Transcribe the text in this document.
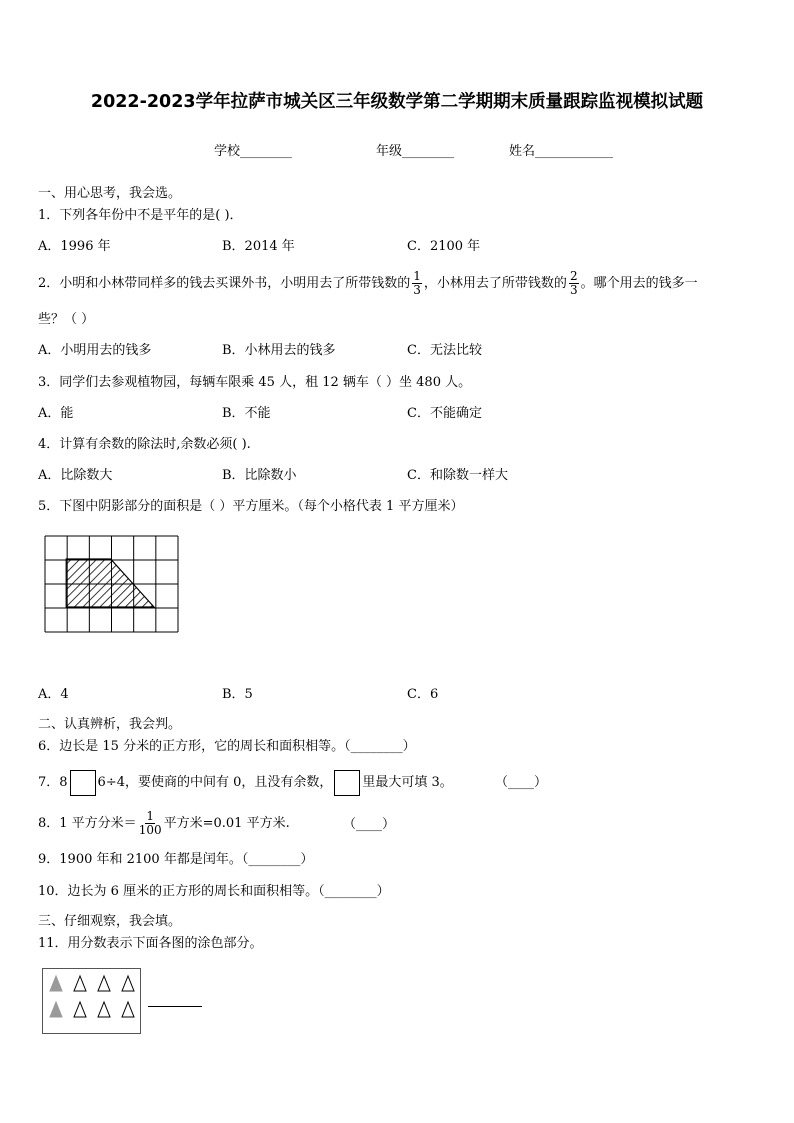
2022-2023学年拉萨市城关区三年级数学第二学期期末质量跟踪监视模拟试题
学校________	年级________	姓名____________
一、用心思考，我会选。
1．下列各年份中不是平年的是( )．
A．1996 年	B．2014 年	C．2100 年
2．小明和小林带同样多的钱去买课外书，小明用去了所带钱数的 $\frac{1}{3}$ ，小林用去了所带钱数的 $\frac{2}{3}$ 。哪个用去的钱多一
些？（ ）
A．小明用去的钱多	B．小林用去的钱多	C．无法比较
3．同学们去参观植物园，每辆车限乘 45 人，租 12 辆车（ ）坐 480 人。
A．能	B．不能	C．不能确定
4．计算有余数的除法时,余数必须( ).
A．比除数大	B．比除数小	C．和除数一样大
5．下图中阴影部分的面积是（ ）平方厘米。（每个小格代表 1 平方厘米）
A．4	B．5	C．6
二、认真辨析，我会判。
6．边长是 15 分米的正方形，它的周长和面积相等。（________）
7．8 6÷4，要使商的中间有 0，且没有余数， 里最大可填 3。	（____）
8．1 平方分米＝ $\frac{1}{100}$ 平方米=0.01 平方米.	（____）
9．1900 年和 2100 年都是闰年。（________）
10．边长为 6 厘米的正方形的周长和面积相等。（________）
三、仔细观察，我会填。
11．用分数表示下面各图的涂色部分。
